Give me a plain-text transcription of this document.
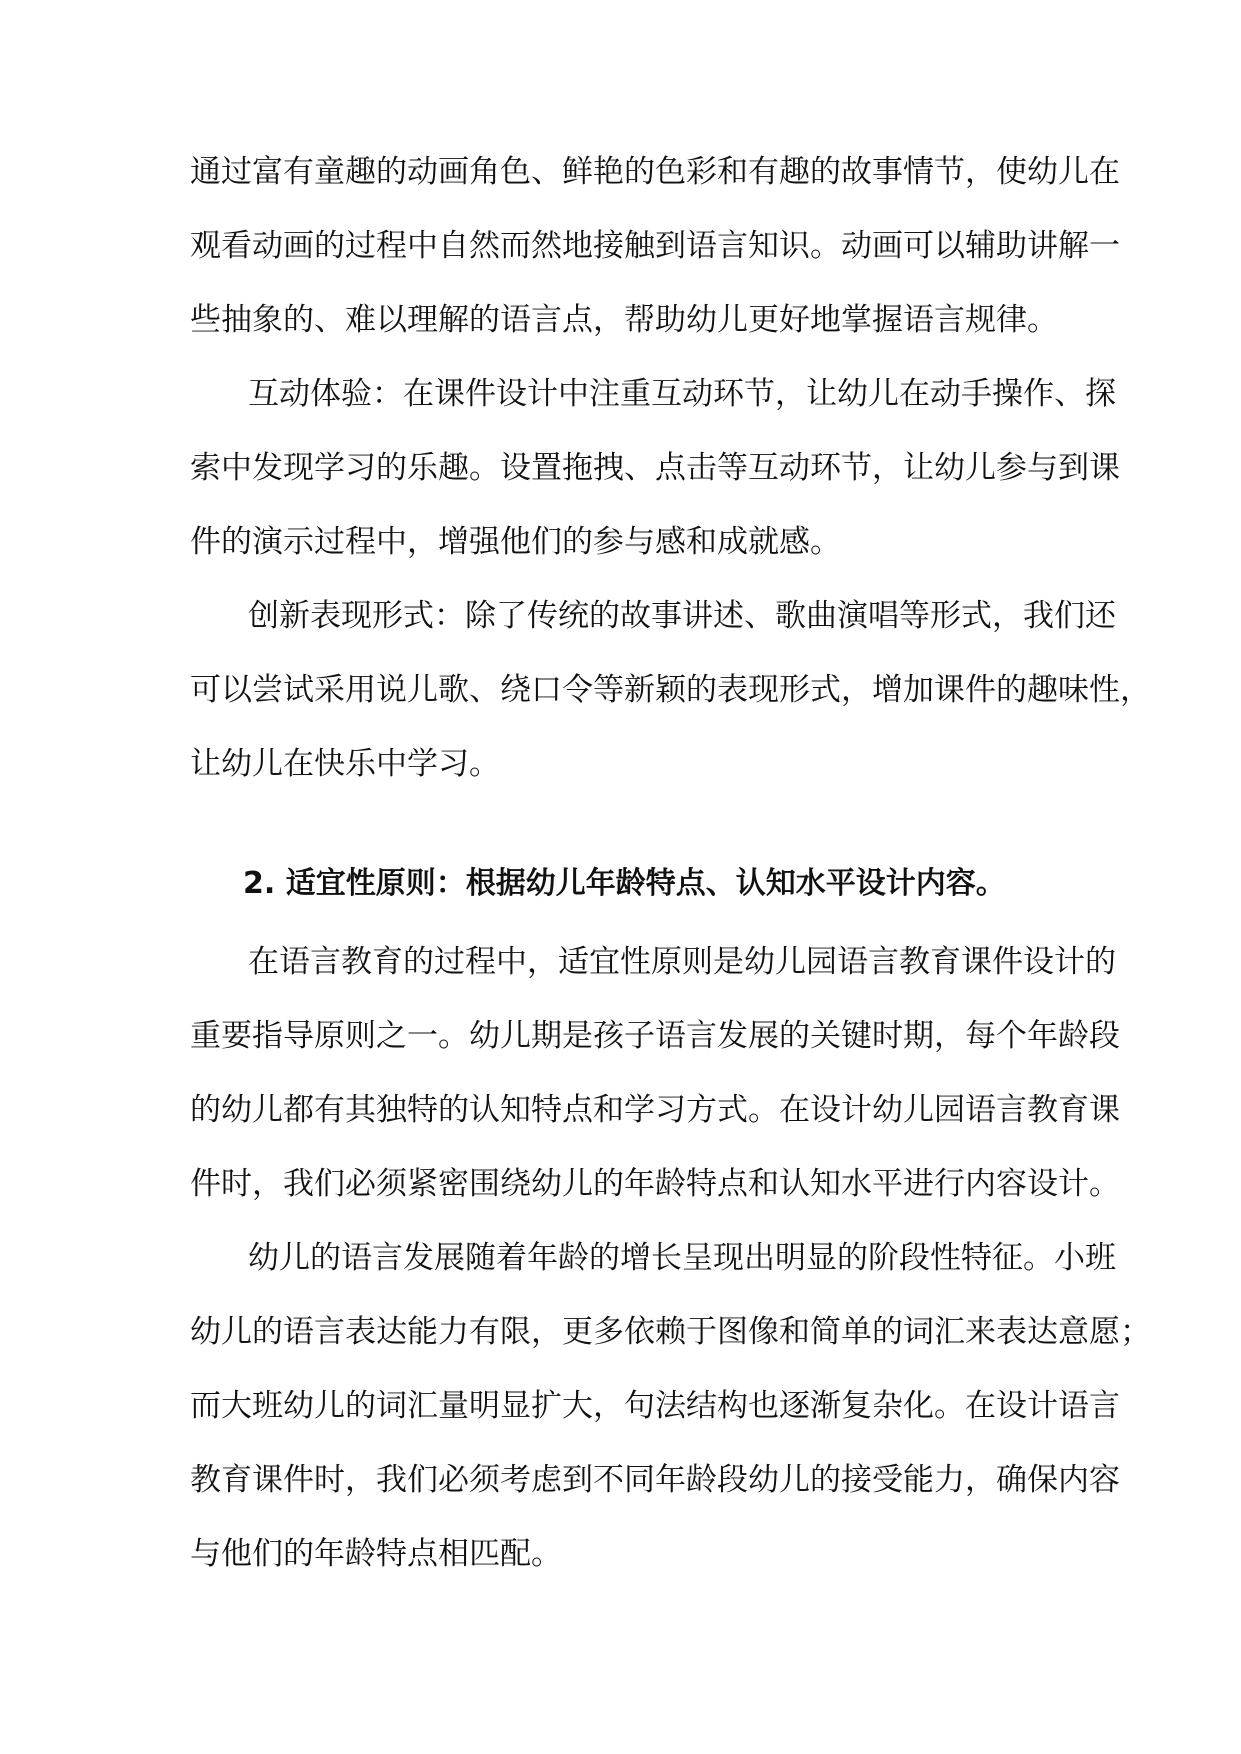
通过富有童趣的动画角色、鲜艳的色彩和有趣的故事情节，使幼儿在
观看动画的过程中自然而然地接触到语言知识。动画可以辅助讲解一
些抽象的、难以理解的语言点，帮助幼儿更好地掌握语言规律。
互动体验：在课件设计中注重互动环节，让幼儿在动手操作、探
索中发现学习的乐趣。设置拖拽、点击等互动环节，让幼儿参与到课
件的演示过程中，增强他们的参与感和成就感。
创新表现形式：除了传统的故事讲述、歌曲演唱等形式，我们还
可以尝试采用说儿歌、绕口令等新颖的表现形式，增加课件的趣味性，
让幼儿在快乐中学习。
2. 适宜性原则：根据幼儿年龄特点、认知水平设计内容。
在语言教育的过程中，适宜性原则是幼儿园语言教育课件设计的
重要指导原则之一。幼儿期是孩子语言发展的关键时期，每个年龄段
的幼儿都有其独特的认知特点和学习方式。在设计幼儿园语言教育课
件时，我们必须紧密围绕幼儿的年龄特点和认知水平进行内容设计。
幼儿的语言发展随着年龄的增长呈现出明显的阶段性特征。小班
幼儿的语言表达能力有限，更多依赖于图像和简单的词汇来表达意愿；
而大班幼儿的词汇量明显扩大，句法结构也逐渐复杂化。在设计语言
教育课件时，我们必须考虑到不同年龄段幼儿的接受能力，确保内容
与他们的年龄特点相匹配。
